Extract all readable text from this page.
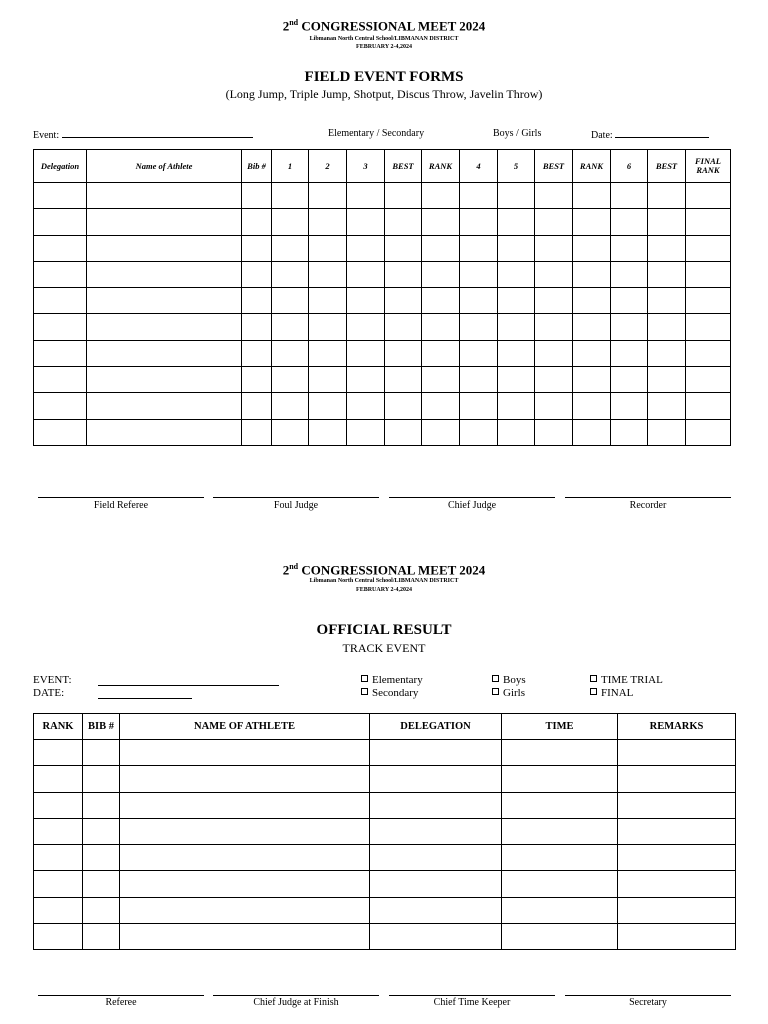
2nd CONGRESSIONAL MEET 2024
Libmanan North Central School/LIBMANAN DISTRICT
FEBRUARY 2-4,2024
FIELD EVENT FORMS
(Long Jump, Triple Jump, Shotput, Discus Throw, Javelin Throw)
Event:	Elementary / Secondary	Boys / Girls	Date:
Delegation	Name of Athlete	Bib #	1	2	3	BEST	RANK	4	5	BEST	RANK	6	BEST	FINAL RANK

Field Referee	Foul Judge	Chief Judge	Recorder
2nd CONGRESSIONAL MEET 2024
Libmanan North Central School/LIBMANAN DISTRICT
FEBRUARY 2-4,2024
OFFICIAL RESULT
TRACK EVENT
EVENT:
DATE:
Elementary
Secondary
Boys
Girls
TIME TRIAL
FINAL
RANK	BIB #	NAME OF ATHLETE	DELEGATION	TIME	REMARKS

Referee	Chief Judge at Finish	Chief Time Keeper	Secretary
